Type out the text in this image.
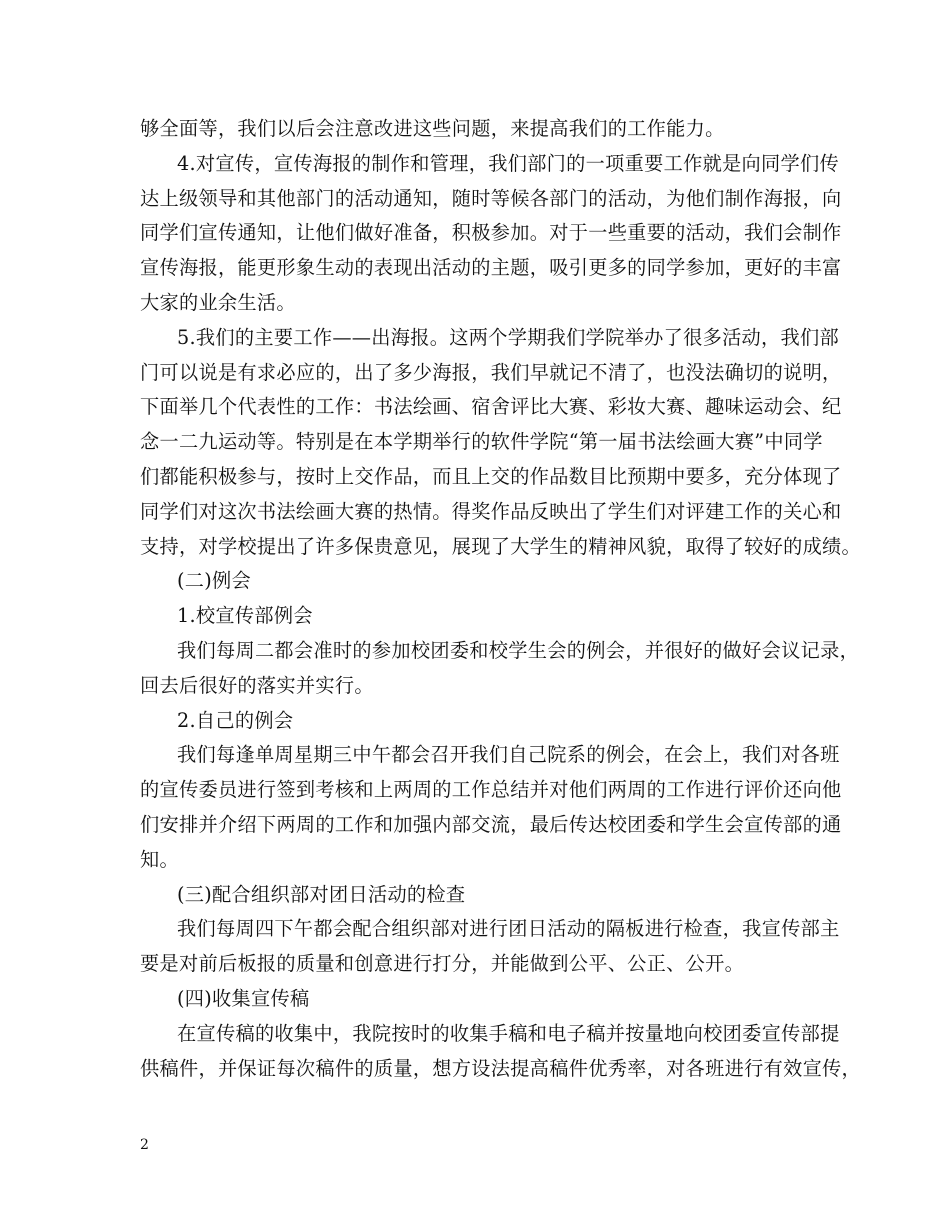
够全面等，我们以后会注意改进这些问题，来提高我们的工作能力。
4.对宣传，宣传海报的制作和管理，我们部门的一项重要工作就是向同学们传
达上级领导和其他部门的活动通知，随时等候各部门的活动，为他们制作海报，向
同学们宣传通知，让他们做好准备，积极参加。对于一些重要的活动，我们会制作
宣传海报，能更形象生动的表现出活动的主题，吸引更多的同学参加，更好的丰富
大家的业余生活。
5.我们的主要工作——出海报。这两个学期我们学院举办了很多活动，我们部
门可以说是有求必应的，出了多少海报，我们早就记不清了，也没法确切的说明，
下面举几个代表性的工作：书法绘画、宿舍评比大赛、彩妆大赛、趣味运动会、纪
念一二九运动等。特别是在本学期举行的软件学院“第一届书法绘画大赛”中同学
们都能积极参与，按时上交作品，而且上交的作品数目比预期中要多，充分体现了
同学们对这次书法绘画大赛的热情。得奖作品反映出了学生们对评建工作的关心和
支持，对学校提出了许多保贵意见，展现了大学生的精神风貌，取得了较好的成绩。
(二)例会
1.校宣传部例会
我们每周二都会准时的参加校团委和校学生会的例会，并很好的做好会议记录，
回去后很好的落实并实行。
2.自己的例会
我们每逢单周星期三中午都会召开我们自己院系的例会，在会上，我们对各班
的宣传委员进行签到考核和上两周的工作总结并对他们两周的工作进行评价还向他
们安排并介绍下两周的工作和加强内部交流，最后传达校团委和学生会宣传部的通
知。
(三)配合组织部对团日活动的检查
我们每周四下午都会配合组织部对进行团日活动的隔板进行检查，我宣传部主
要是对前后板报的质量和创意进行打分，并能做到公平、公正、公开。
(四)收集宣传稿
在宣传稿的收集中，我院按时的收集手稿和电子稿并按量地向校团委宣传部提
供稿件，并保证每次稿件的质量，想方设法提高稿件优秀率，对各班进行有效宣传，
2
